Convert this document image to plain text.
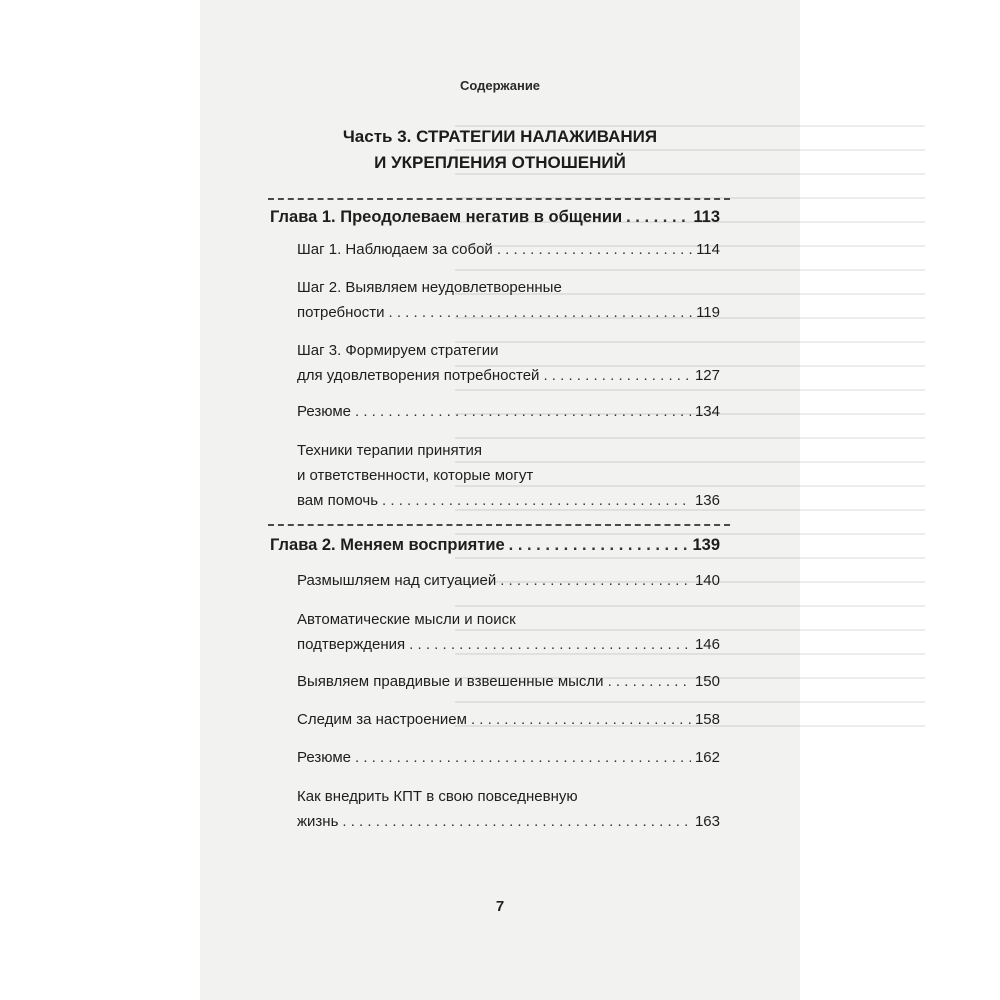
Содержание
Часть 3. СТРАТЕГИИ НАЛАЖИВАНИЯ
И УКРЕПЛЕНИЯ ОТНОШЕНИЙ
Глава 1. Преодолеваем негатив в общении . . .	113
Шаг 1. Наблюдаем за собой . . .	114
Шаг 2. Выявляем неудовлетворенные
потребности . . .	119
Шаг 3. Формируем стратегии
для удовлетворения потребностей . . .	127
Резюме . . .	134
Техники терапии принятия
и ответственности, которые могут
вам помочь . . .	136
Глава 2. Меняем восприятие . . .	139
Размышляем над ситуацией . . .	140
Автоматические мысли и поиск
подтверждения . . .	146
Выявляем правдивые и взвешенные мысли . . .	150
Следим за настроением . . .	158
Резюме . . .	162
Как внедрить КПТ в свою повседневную
жизнь . . .	163
7
